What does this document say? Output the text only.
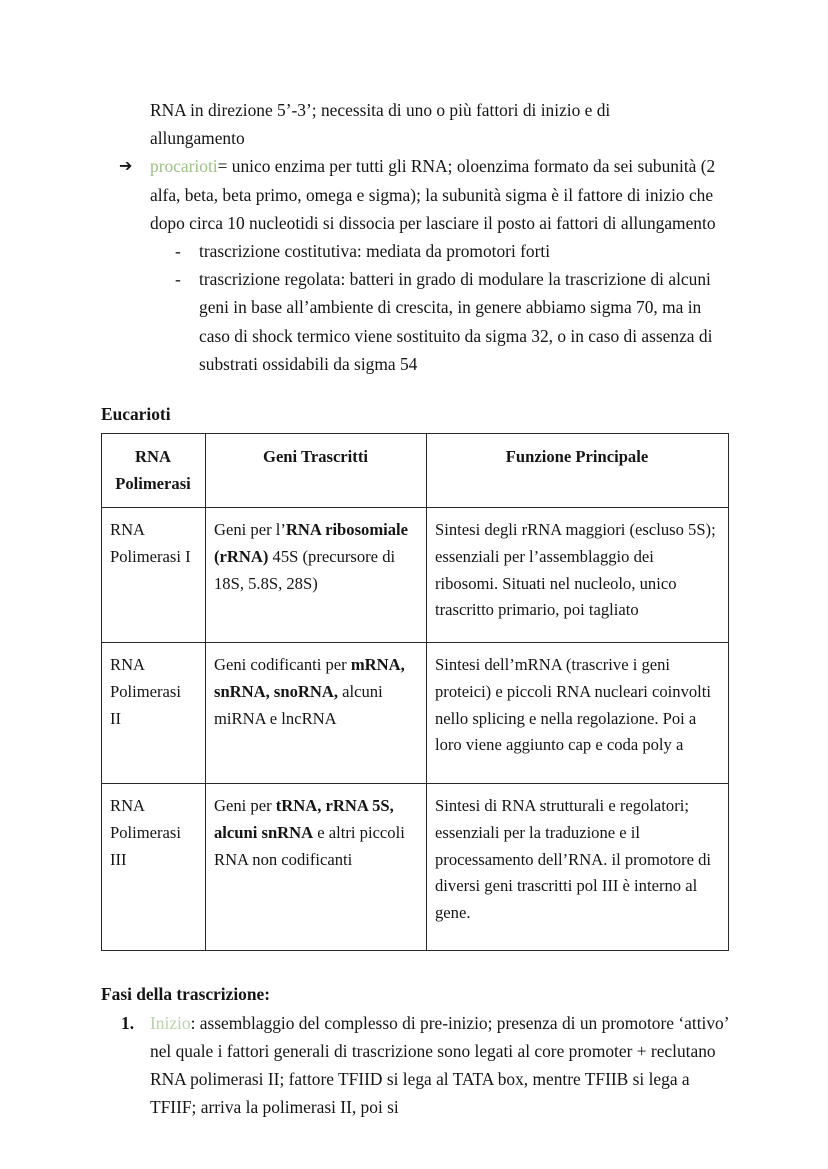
RNA in direzione 5’-3’; necessita di uno o più fattori di inizio e di
allungamento
➔ procarioti= unico enzima per tutti gli RNA; oloenzima formato da sei subunità (2 alfa, beta, beta primo, omega e sigma); la subunità sigma è il fattore di inizio che dopo circa 10 nucleotidi si dissocia per lasciare il posto ai fattori di allungamento
- trascrizione costitutiva: mediata da promotori forti
- trascrizione regolata: batteri in grado di modulare la trascrizione di alcuni geni in base all’ambiente di crescita, in genere abbiamo sigma 70, ma in caso di shock termico viene sostituito da sigma 32, o in caso di assenza di substrati ossidabili da sigma 54
Eucarioti
RNA Polimerasi	Geni Trascritti	Funzione Principale
RNA Polimerasi I	Geni per l’RNA ribosomiale (rRNA) 45S (precursore di 18S, 5.8S, 28S)	Sintesi degli rRNA maggiori (escluso 5S); essenziali per l’assemblaggio dei ribosomi. Situati nel nucleolo, unico trascritto primario, poi tagliato
RNA Polimerasi II	Geni codificanti per mRNA, snRNA, snoRNA, alcuni miRNA e lncRNA	Sintesi dell’mRNA (trascrive i geni proteici) e piccoli RNA nucleari coinvolti nello splicing e nella regolazione. Poi a loro viene aggiunto cap e coda poly a
RNA Polimerasi III	Geni per tRNA, rRNA 5S, alcuni snRNA e altri piccoli RNA non codificanti	Sintesi di RNA strutturali e regolatori; essenziali per la traduzione e il processamento dell’RNA. il promotore di diversi geni trascritti pol III è interno al gene.
Fasi della trascrizione:
1. Inizio: assemblaggio del complesso di pre-inizio; presenza di un promotore ‘attivo’ nel quale i fattori generali di trascrizione sono legati al core promoter + reclutano RNA polimerasi II; fattore TFIID si lega al TATA box, mentre TFIIB si lega a TFIIF; arriva la polimerasi II, poi si
